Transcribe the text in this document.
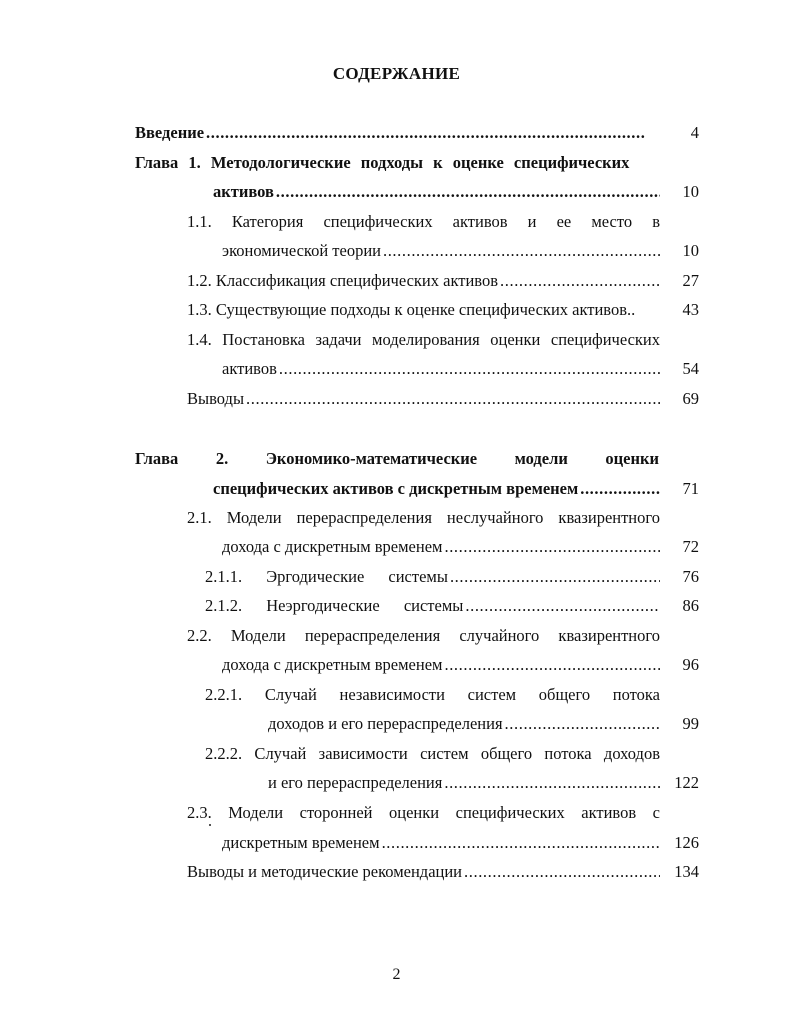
СОДЕРЖАНИЕ
Введение .....	4
Глава 1. Методологические подходы к оценке специфических
активов .....	10
1.1. Категория специфических активов и ее место в
экономической теории .....	10
1.2. Классификация специфических активов .....	27
1.3. Существующие подходы к оценке специфических активов..	43
1.4. Постановка задачи моделирования оценки специфических
активов .....	54
Выводы .....	69
Глава 2. Экономико-математические модели оценки
специфических активов с дискретным временем .....	71
2.1. Модели перераспределения неслучайного квазирентного
дохода с дискретным временем .....	72
2.1.1. Эргодические системы .....	76
2.1.2. Неэргодические системы .....	86
2.2. Модели перераспределения случайного квазирентного
дохода с дискретным временем .....	96
2.2.1. Случай независимости систем общего потока
доходов и его перераспределения .....	99
2.2.2. Случай зависимости систем общего потока доходов
и его перераспределения .....	122
2.3. Модели сторонней оценки специфических активов с
дискретным временем .....	126
Выводы и методические рекомендации .....	134
2
